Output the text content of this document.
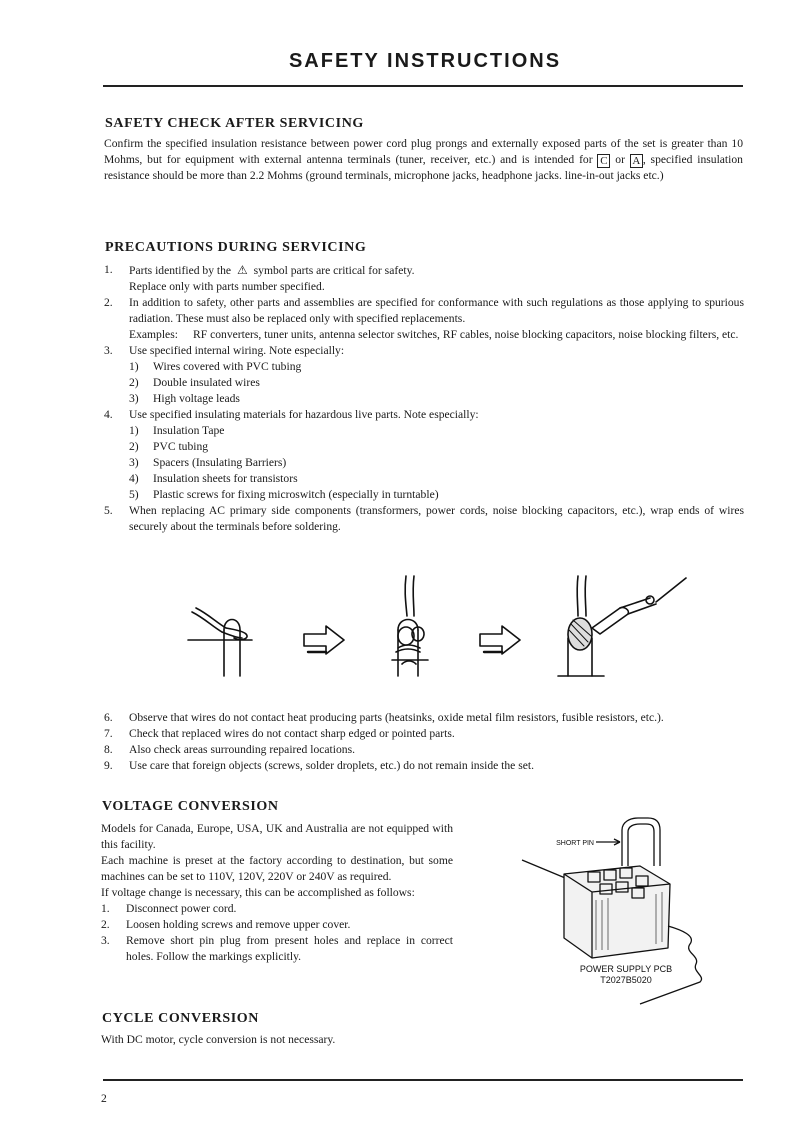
SAFETY INSTRUCTIONS
SAFETY CHECK AFTER SERVICING
Confirm the specified insulation resistance between power cord plug prongs and externally exposed parts of the set is greater than 10 Mohms, but for equipment with external antenna terminals (tuner, receiver, etc.) and is intended for C or A , specified insulation resistance should be more than 2.2 Mohms (ground terminals, microphone jacks, headphone jacks. line-in-out jacks etc.)
PRECAUTIONS DURING SERVICING
1.	Parts identified by the ⚠ symbol parts are critical for safety.
Replace only with parts number specified.
2.	In addition to safety, other parts and assemblies are specified for conformance with such regulations as those applying to spurious radiation. These must also be replaced only with specified replacements.
Examples:	RF converters, tuner units, antenna selector switches, RF cables, noise blocking capacitors, noise blocking filters, etc.
3.	Use specified internal wiring. Note especially:
1) Wires covered with PVC tubing
2) Double insulated wires
3) High voltage leads
4.	Use specified insulating materials for hazardous live parts. Note especially:
1) Insulation Tape
2) PVC tubing
3) Spacers (Insulating Barriers)
4) Insulation sheets for transistors
5) Plastic screws for fixing microswitch (especially in turntable)
5.	When replacing AC primary side components (transformers, power cords, noise blocking capacitors, etc.), wrap ends of wires securely about the terminals before soldering.
6.	Observe that wires do not contact heat producing parts (heatsinks, oxide metal film resistors, fusible resistors, etc.).
7.	Check that replaced wires do not contact sharp edged or pointed parts.
8.	Also check areas surrounding repaired locations.
9.	Use care that foreign objects (screws, solder droplets, etc.) do not remain inside the set.
VOLTAGE CONVERSION
Models for Canada, Europe, USA, UK and Australia are not equipped with this facility.
Each machine is preset at the factory according to destination, but some machines can be set to 110V, 120V, 220V or 240V as required.
If voltage change is necessary, this can be accomplished as follows:
1.	Disconnect power cord.
2.	Loosen holding screws and remove upper cover.
3.	Remove short pin plug from present holes and replace in correct holes. Follow the markings explicitly.
SHORT PIN
POWER SUPPLY PCB
T2027B5020
CYCLE CONVERSION
With DC motor, cycle conversion is not necessary.
2
